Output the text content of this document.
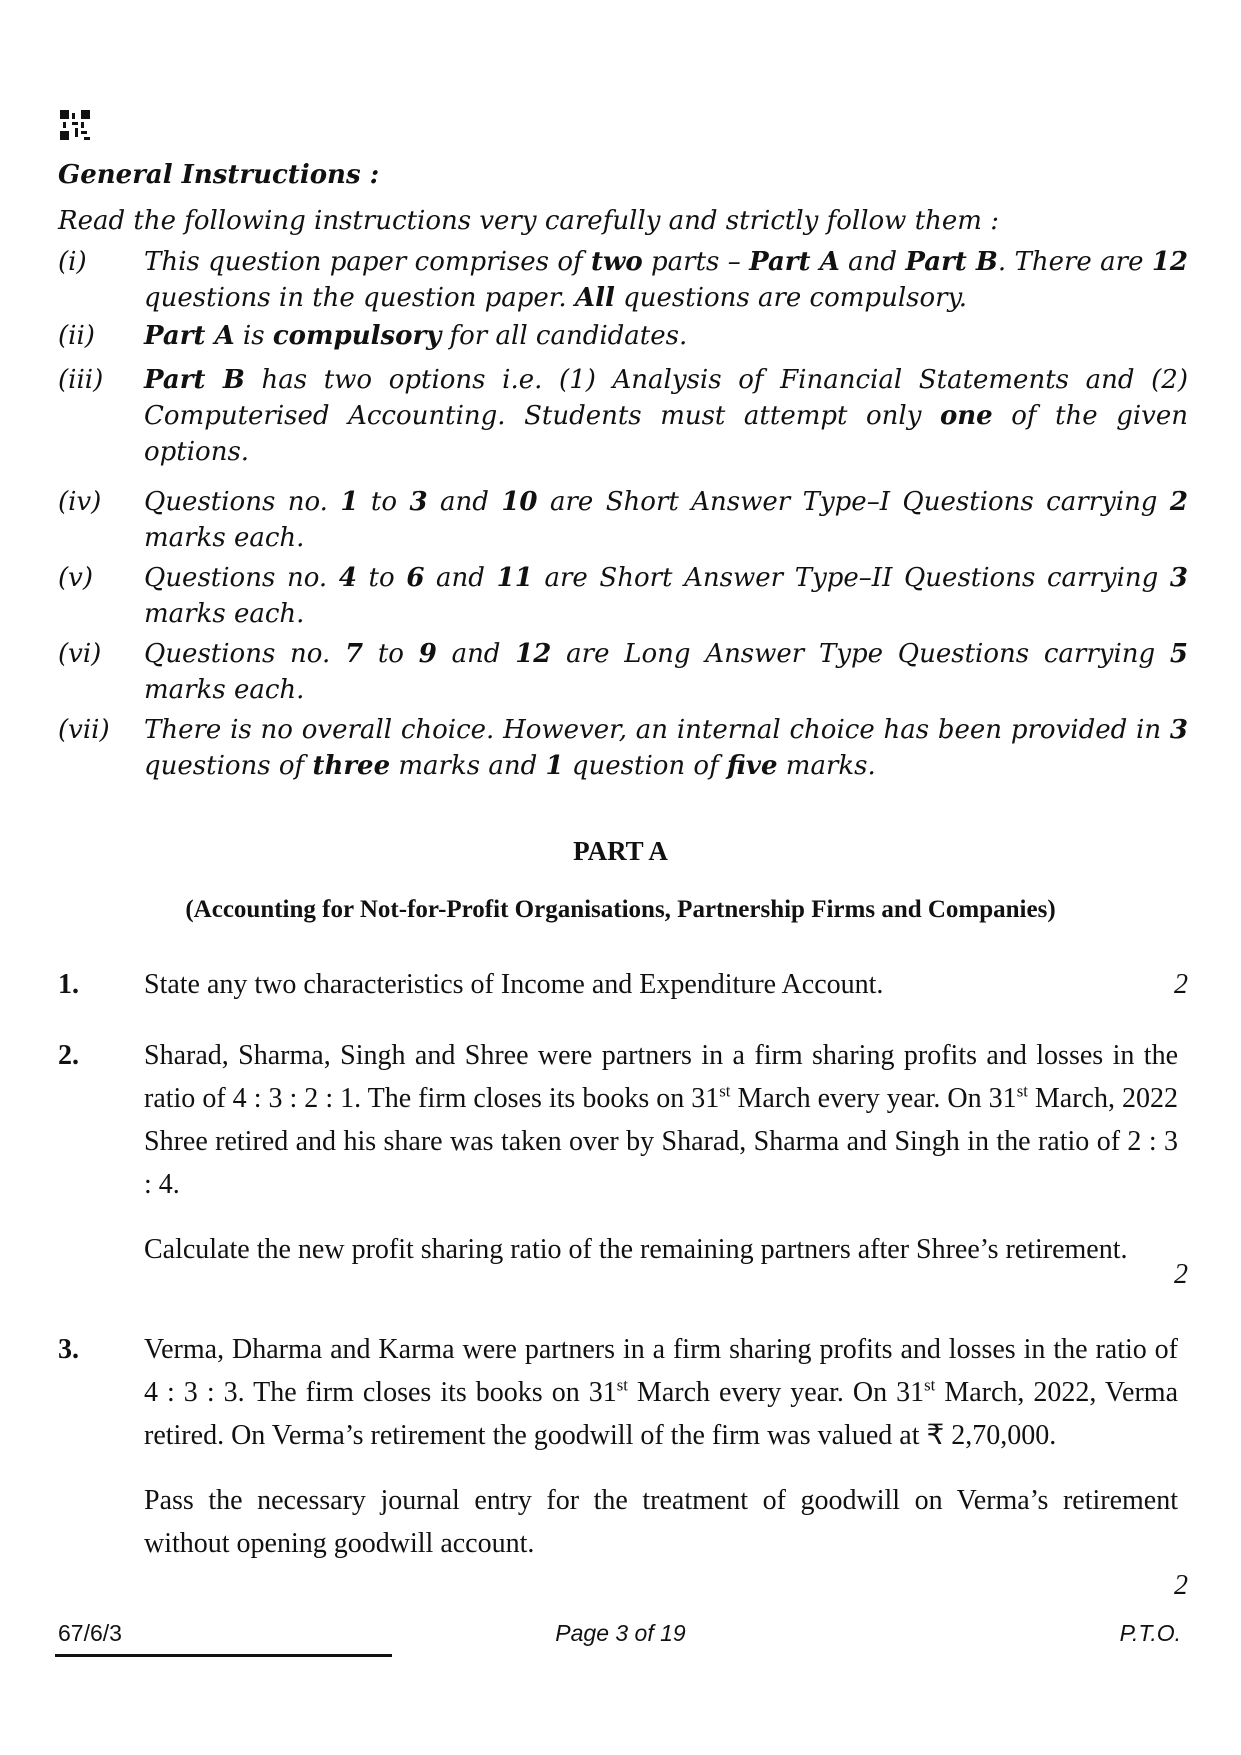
General Instructions :
Read the following instructions very carefully and strictly follow them :
(i)	This question paper comprises of two parts – Part A and Part B. There are 12 questions in the question paper. All questions are compulsory.
(ii)	Part A is compulsory for all candidates.
(iii)	Part B has two options i.e. (1) Analysis of Financial Statements and (2) Computerised Accounting. Students must attempt only one of the given options.
(iv)	Questions no. 1 to 3 and 10 are Short Answer Type–I Questions carrying 2 marks each.
(v)	Questions no. 4 to 6 and 11 are Short Answer Type–II Questions carrying 3 marks each.
(vi)	Questions no. 7 to 9 and 12 are Long Answer Type Questions carrying 5 marks each.
(vii)	There is no overall choice. However, an internal choice has been provided in 3 questions of three marks and 1 question of five marks.
PART A
(Accounting for Not-for-Profit Organisations, Partnership Firms and Companies)
1. State any two characteristics of Income and Expenditure Account.	2
2. Sharad, Sharma, Singh and Shree were partners in a firm sharing profits and losses in the ratio of 4 : 3 : 2 : 1. The firm closes its books on 31st March every year. On 31st March, 2022 Shree retired and his share was taken over by Sharad, Sharma and Singh in the ratio of 2 : 3 : 4.

Calculate the new profit sharing ratio of the remaining partners after Shree’s retirement.

2
3. Verma, Dharma and Karma were partners in a firm sharing profits and losses in the ratio of 4 : 3 : 3. The firm closes its books on 31st March every year. On 31st March, 2022, Verma retired. On Verma’s retirement the goodwill of the firm was valued at ₹ 2,70,000.

Pass the necessary journal entry for the treatment of goodwill on Verma’s retirement without opening goodwill account.

2
67/6/3	Page 3 of 19	P.T.O.
